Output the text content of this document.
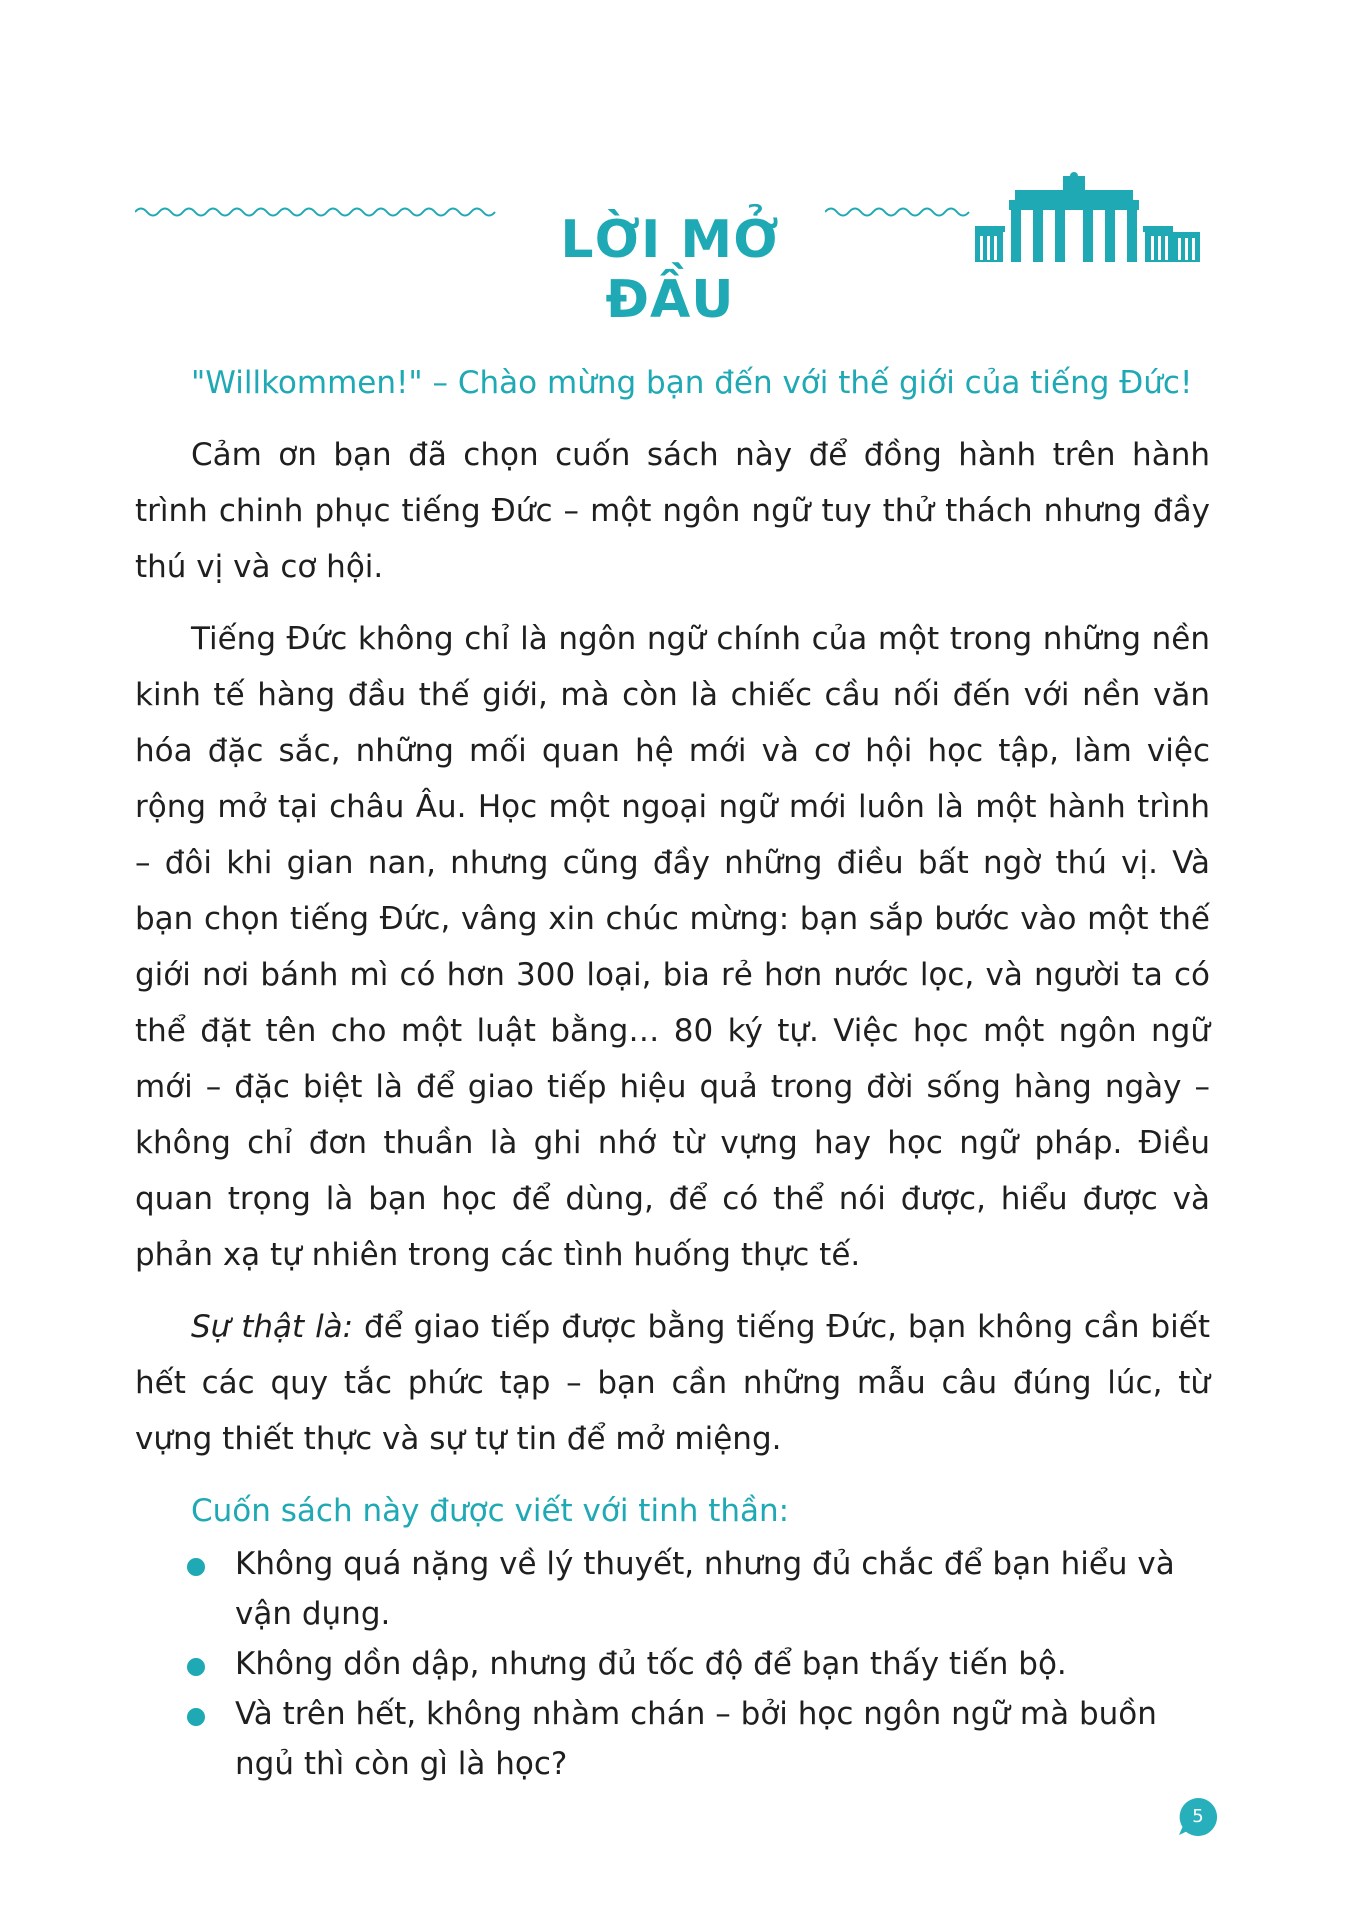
LỜI MỞ ĐẦU

"Willkommen!" – Chào mừng bạn đến với thế giới của tiếng Đức!

Cảm ơn bạn đã chọn cuốn sách này để đồng hành trên hành trình chinh phục tiếng Đức – một ngôn ngữ tuy thử thách nhưng đầy thú vị và cơ hội.

Tiếng Đức không chỉ là ngôn ngữ chính của một trong những nền kinh tế hàng đầu thế giới, mà còn là chiếc cầu nối đến với nền văn hóa đặc sắc, những mối quan hệ mới và cơ hội học tập, làm việc rộng mở tại châu Âu. Học một ngoại ngữ mới luôn là một hành trình – đôi khi gian nan, nhưng cũng đầy những điều bất ngờ thú vị. Và bạn chọn tiếng Đức, vâng xin chúc mừng: bạn sắp bước vào một thế giới nơi bánh mì có hơn 300 loại, bia rẻ hơn nước lọc, và người ta có thể đặt tên cho một luật bằng… 80 ký tự. Việc học một ngôn ngữ mới – đặc biệt là để giao tiếp hiệu quả trong đời sống hàng ngày – không chỉ đơn thuần là ghi nhớ từ vựng hay học ngữ pháp. Điều quan trọng là bạn học để dùng, để có thể nói được, hiểu được và phản xạ tự nhiên trong các tình huống thực tế.

Sự thật là: để giao tiếp được bằng tiếng Đức, bạn không cần biết hết các quy tắc phức tạp – bạn cần những mẫu câu đúng lúc, từ vựng thiết thực và sự tự tin để mở miệng.

Cuốn sách này được viết với tinh thần:

Không quá nặng về lý thuyết, nhưng đủ chắc để bạn hiểu và vận dụng.
Không dồn dập, nhưng đủ tốc độ để bạn thấy tiến bộ.
Và trên hết, không nhàm chán – bởi học ngôn ngữ mà buồn ngủ thì còn gì là học?
5
